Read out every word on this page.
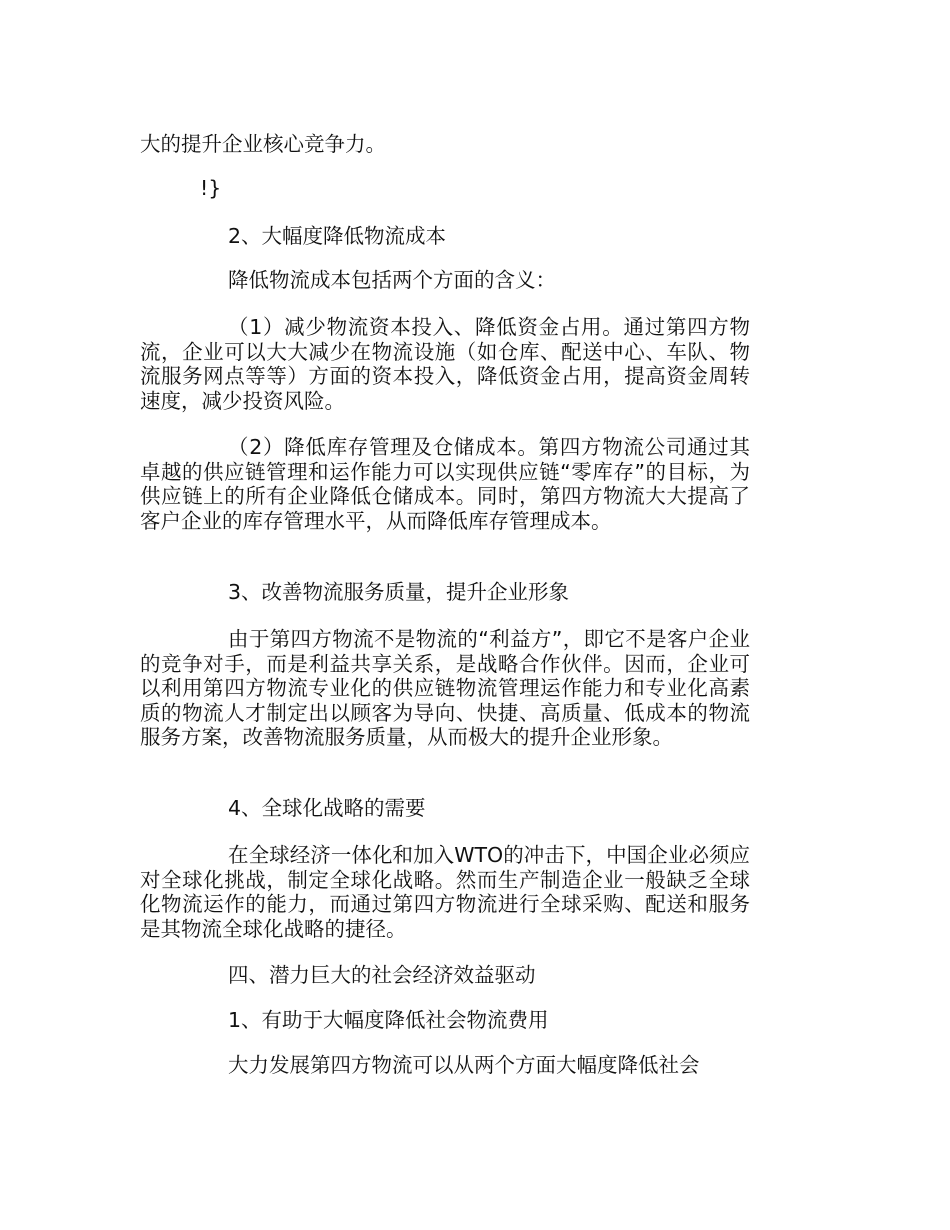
大的提升企业核心竞争力。
!}
2、大幅度降低物流成本
降低物流成本包括两个方面的含义：
（1）减少物流资本投入、降低资金占用。通过第四方物流，企业可以大大减少在物流设施（如仓库、配送中心、车队、物流服务网点等等）方面的资本投入，降低资金占用，提高资金周转速度，减少投资风险。
（2）降低库存管理及仓储成本。第四方物流公司通过其卓越的供应链管理和运作能力可以实现供应链“零库存”的目标，为供应链上的所有企业降低仓储成本。同时，第四方物流大大提高了客户企业的库存管理水平，从而降低库存管理成本。
3、改善物流服务质量，提升企业形象
由于第四方物流不是物流的“利益方”，即它不是客户企业的竞争对手，而是利益共享关系，是战略合作伙伴。因而，企业可以利用第四方物流专业化的供应链物流管理运作能力和专业化高素质的物流人才制定出以顾客为导向、快捷、高质量、低成本的物流服务方案，改善物流服务质量，从而极大的提升企业形象。
4、全球化战略的需要
在全球经济一体化和加入WTO的冲击下，中国企业必须应对全球化挑战，制定全球化战略。然而生产制造企业一般缺乏全球化物流运作的能力，而通过第四方物流进行全球采购、配送和服务是其物流全球化战略的捷径。
四、潜力巨大的社会经济效益驱动
1、有助于大幅度降低社会物流费用
大力发展第四方物流可以从两个方面大幅度降低社会
